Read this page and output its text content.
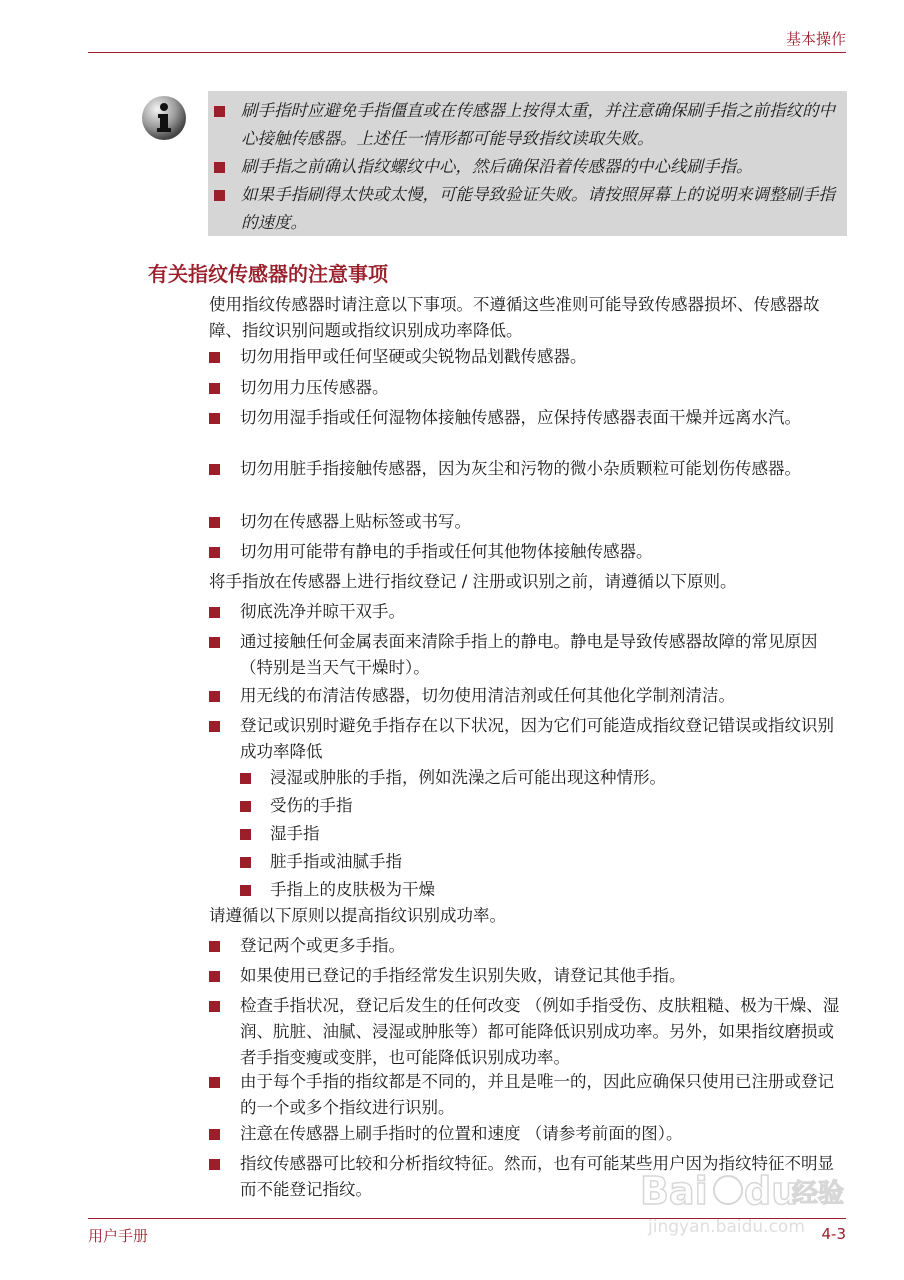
基本操作
刷手指时应避免手指僵直或在传感器上按得太重，并注意确保刷手指之前指纹的中心接触传感器。上述任一情形都可能导致指纹读取失败。
刷手指之前确认指纹螺纹中心，然后确保沿着传感器的中心线刷手指。
如果手指刷得太快或太慢，可能导致验证失败。请按照屏幕上的说明来调整刷手指的速度。
有关指纹传感器的注意事项
使用指纹传感器时请注意以下事项。不遵循这些准则可能导致传感器损坏、传感器故障、指纹识别问题或指纹识别成功率降低。
切勿用指甲或任何坚硬或尖锐物品划戳传感器。
切勿用力压传感器。
切勿用湿手指或任何湿物体接触传感器，应保持传感器表面干燥并远离水汽。
切勿用脏手指接触传感器，因为灰尘和污物的微小杂质颗粒可能划伤传感器。
切勿在传感器上贴标签或书写。
切勿用可能带有静电的手指或任何其他物体接触传感器。
将手指放在传感器上进行指纹登记 / 注册或识别之前，请遵循以下原则。
彻底洗净并晾干双手。
通过接触任何金属表面来清除手指上的静电。静电是导致传感器故障的常见原因 （特别是当天气干燥时）。
用无线的布清洁传感器，切勿使用清洁剂或任何其他化学制剂清洁。
登记或识别时避免手指存在以下状况，因为它们可能造成指纹登记错误或指纹识别成功率降低
浸湿或肿胀的手指，例如洗澡之后可能出现这种情形。
受伤的手指
湿手指
脏手指或油腻手指
手指上的皮肤极为干燥
请遵循以下原则以提高指纹识别成功率。
登记两个或更多手指。
如果使用已登记的手指经常发生识别失败，请登记其他手指。
检查手指状况，登记后发生的任何改变 （例如手指受伤、皮肤粗糙、极为干燥、湿润、肮脏、油腻、浸湿或肿胀等）都可能降低识别成功率。另外，如果指纹磨损或者手指变瘦或变胖，也可能降低识别成功率。
由于每个手指的指纹都是不同的，并且是唯一的，因此应确保只使用已注册或登记的一个或多个指纹进行识别。
注意在传感器上刷手指时的位置和速度 （请参考前面的图）。
指纹传感器可比较和分析指纹特征。然而，也有可能某些用户因为指纹特征不明显而不能登记指纹。	Bai du
经验
jingyan.baidu.com
用户手册	4-3
